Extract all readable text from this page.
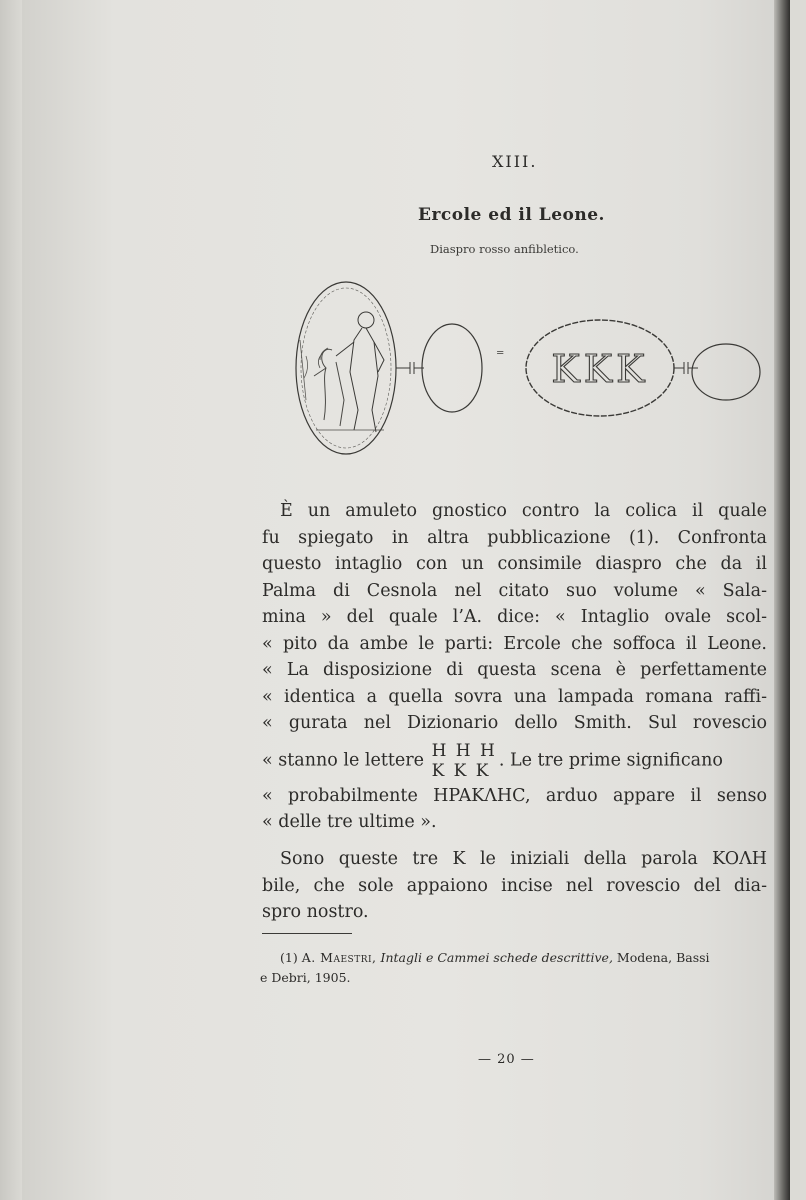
XIII.

Ercole ed il Leone.

Diaspro rosso anfibletico.

= KKK
È un amuleto gnostico contro la colica il quale
fu spiegato in altra pubblicazione (1). Confronta
questo intaglio con un consimile diaspro che da il
Palma di Cesnola nel citato suo volume « Sala-
mina » del quale l’A. dice: « Intaglio ovale scol-
« pito da ambe le parti: Ercole che soffoca il Leone.
« La disposizione di questa scena è perfettamente
« identica a quella sovra una lampada romana raffi-
« gurata nel Dizionario dello Smith. Sul rovescio
« stanno le lettere H H H
K K K
. Le tre prime significano
« probabilmente HPAKΛHC, arduo appare il senso
« delle tre ultime ».
Sono queste tre K le iniziali della parola KOΛH
bile, che sole appaiono incise nel rovescio del dia-
spro nostro.
(1) A. Maestri, Intagli e Cammei schede descrittive, Modena, Bassi
e Debri, 1905.

— 20 —
